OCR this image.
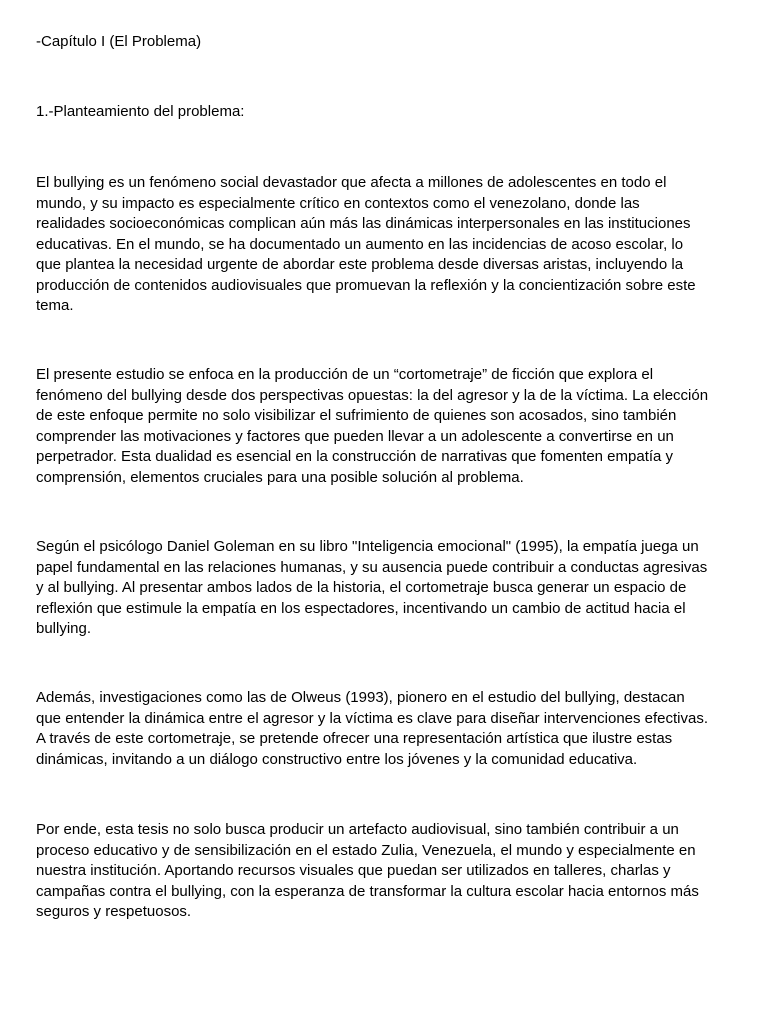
-Capítulo I (El Problema)

1.-Planteamiento del problema:

El bullying es un fenómeno social devastador que afecta a millones de adolescentes en todo el
mundo, y su impacto es especialmente crítico en contextos como el venezolano, donde las
realidades socioeconómicas complican aún más las dinámicas interpersonales en las instituciones
educativas. En el mundo, se ha documentado un aumento en las incidencias de acoso escolar, lo
que plantea la necesidad urgente de abordar este problema desde diversas aristas, incluyendo la
producción de contenidos audiovisuales que promuevan la reflexión y la concientización sobre este
tema.

El presente estudio se enfoca en la producción de un “cortometraje” de ficción que explora el
fenómeno del bullying desde dos perspectivas opuestas: la del agresor y la de la víctima. La elección
de este enfoque permite no solo visibilizar el sufrimiento de quienes son acosados, sino también
comprender las motivaciones y factores que pueden llevar a un adolescente a convertirse en un
perpetrador. Esta dualidad es esencial en la construcción de narrativas que fomenten empatía y
comprensión, elementos cruciales para una posible solución al problema.

Según el psicólogo Daniel Goleman en su libro "Inteligencia emocional" (1995), la empatía juega un
papel fundamental en las relaciones humanas, y su ausencia puede contribuir a conductas agresivas
y al bullying. Al presentar ambos lados de la historia, el cortometraje busca generar un espacio de
reflexión que estimule la empatía en los espectadores, incentivando un cambio de actitud hacia el
bullying.

Además, investigaciones como las de Olweus (1993), pionero en el estudio del bullying, destacan
que entender la dinámica entre el agresor y la víctima es clave para diseñar intervenciones efectivas.
A través de este cortometraje, se pretende ofrecer una representación artística que ilustre estas
dinámicas, invitando a un diálogo constructivo entre los jóvenes y la comunidad educativa.

Por ende, esta tesis no solo busca producir un artefacto audiovisual, sino también contribuir a un
proceso educativo y de sensibilización en el estado Zulia, Venezuela, el mundo y especialmente en
nuestra institución. Aportando recursos visuales que puedan ser utilizados en talleres, charlas y
campañas contra el bullying, con la esperanza de transformar la cultura escolar hacia entornos más
seguros y respetuosos.
